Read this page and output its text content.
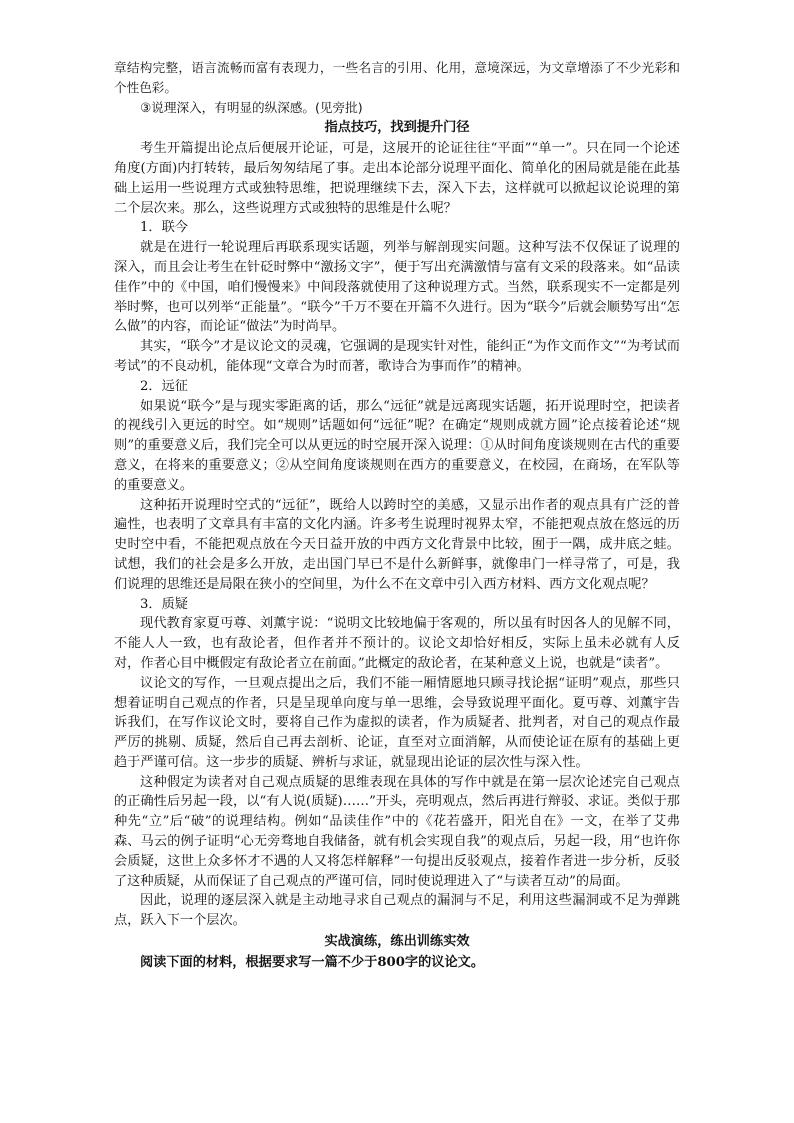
章结构完整，语言流畅而富有表现力，一些名言的引用、化用，意境深远，为文章增添了不少光彩和个性色彩。

③说理深入，有明显的纵深感。(见旁批)

指点技巧，找到提升门径

考生开篇提出论点后便展开论证，可是，这展开的论证往往“平面”“单一”。只在同一个论述角度(方面)内打转转，最后匆匆结尾了事。走出本论部分说理平面化、简单化的困局就是能在此基础上运用一些说理方式或独特思维，把说理继续下去，深入下去，这样就可以掀起议论说理的第二个层次来。那么，这些说理方式或独特的思维是什么呢？

1．联今

就是在进行一轮说理后再联系现实话题，列举与解剖现实问题。这种写法不仅保证了说理的深入，而且会让考生在针砭时弊中“激扬文字”，便于写出充满激情与富有文采的段落来。如“品读佳作”中的《中国，咱们慢慢来》中间段落就使用了这种说理方式。当然，联系现实不一定都是列举时弊，也可以列举“正能量”。“联今”千万不要在开篇不久进行。因为“联今”后就会顺势写出“怎么做”的内容，而论证“做法”为时尚早。

其实，“联今”才是议论文的灵魂，它强调的是现实针对性，能纠正“为作文而作文”“为考试而考试”的不良动机，能体现“文章合为时而著，歌诗合为事而作”的精神。

2．远征

如果说“联今”是与现实零距离的话，那么“远征”就是远离现实话题，拓开说理时空，把读者的视线引入更远的时空。如“规则”话题如何“远征”呢？在确定“规则成就方圆”论点接着论述“规则”的重要意义后，我们完全可以从更远的时空展开深入说理：①从时间角度谈规则在古代的重要意义，在将来的重要意义；②从空间角度谈规则在西方的重要意义，在校园，在商场，在军队等的重要意义。

这种拓开说理时空式的“远征”，既给人以跨时空的美感，又显示出作者的观点具有广泛的普遍性，也表明了文章具有丰富的文化内涵。许多考生说理时视界太窄，不能把观点放在悠远的历史时空中看，不能把观点放在今天日益开放的中西方文化背景中比较，囿于一隅，成井底之蛙。试想，我们的社会是多么开放，走出国门早已不是什么新鲜事，就像串门一样寻常了，可是，我们说理的思维还是局限在狭小的空间里，为什么不在文章中引入西方材料、西方文化观点呢？

3．质疑

现代教育家夏丏尊、刘薰宇说：“说明文比较地偏于客观的，所以虽有时因各人的见解不同，不能人人一致，也有敌论者，但作者并不预计的。议论文却恰好相反，实际上虽未必就有人反对，作者心目中概假定有敌论者立在前面。”此概定的敌论者，在某种意义上说，也就是“读者”。

议论文的写作，一旦观点提出之后，我们不能一厢情愿地只顾寻找论据“证明”观点，那些只想着证明自己观点的作者，只是呈现单向度与单一思维，会导致说理平面化。夏丏尊、刘薰宇告诉我们，在写作议论文时，要将自己作为虚拟的读者，作为质疑者、批判者，对自己的观点作最严厉的挑剔、质疑，然后自己再去剖析、论证，直至对立面消解，从而使论证在原有的基础上更趋于严谨可信。这一步步的质疑、辨析与求证，就显现出论证的层次性与深入性。

这种假定为读者对自己观点质疑的思维表现在具体的写作中就是在第一层次论述完自己观点的正确性后另起一段，以“有人说(质疑)……”开头，亮明观点，然后再进行辩驳、求证。类似于那种先“立”后“破”的说理结构。例如“品读佳作”中的《花若盛开，阳光自在》一文，在举了艾弗森、马云的例子证明“心无旁骛地自我储备，就有机会实现自我”的观点后，另起一段，用“也许你会质疑，这世上众多怀才不遇的人又将怎样解释”一句提出反驳观点，接着作者进一步分析，反驳了这种质疑，从而保证了自己观点的严谨可信，同时使说理进入了“与读者互动”的局面。

因此，说理的逐层深入就是主动地寻求自己观点的漏洞与不足，利用这些漏洞或不足为弹跳点，跃入下一个层次。

实战演练，练出训练实效

阅读下面的材料，根据要求写一篇不少于800字的议论文。
